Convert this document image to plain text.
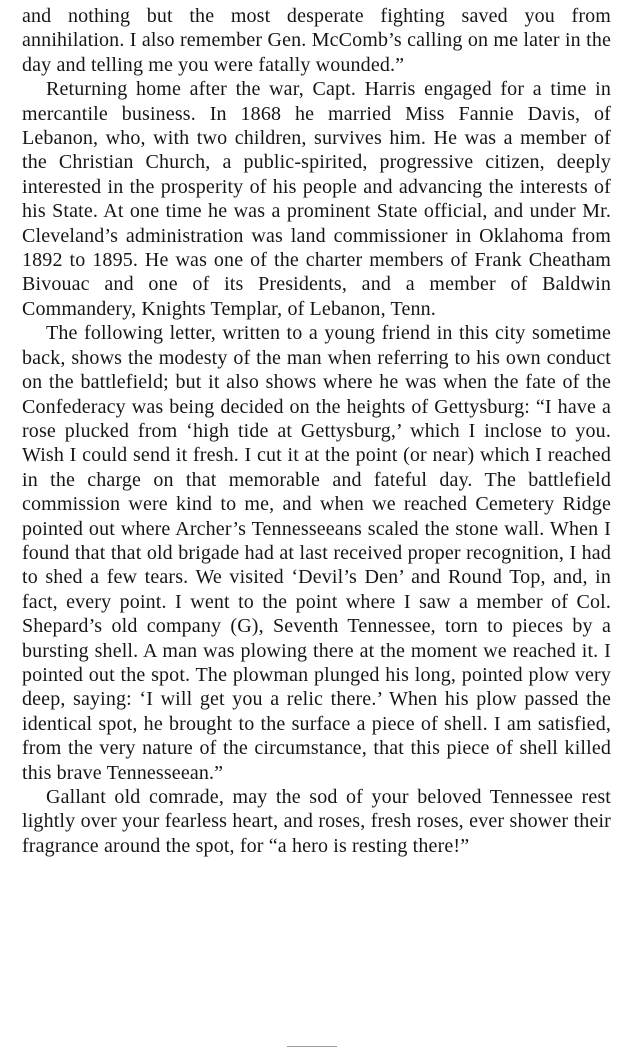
and nothing but the most desperate fighting saved you from annihilation. I also remember Gen. McComb’s calling on me later in the day and telling me you were fatally wounded.”

Returning home after the war, Capt. Harris engaged for a time in mercantile business. In 1868 he married Miss Fannie Davis, of Lebanon, who, with two children, survives him. He was a member of the Christian Church, a public-spirited, progressive citizen, deeply interested in the prosperity of his people and advancing the interests of his State. At one time he was a prominent State official, and under Mr. Cleveland’s administration was land commissioner in Oklahoma from 1892 to 1895. He was one of the charter members of Frank Cheatham Bivouac and one of its Presidents, and a member of Baldwin Commandery, Knights Templar, of Lebanon, Tenn.

The following letter, written to a young friend in this city sometime back, shows the modesty of the man when referring to his own conduct on the battlefield; but it also shows where he was when the fate of the Confederacy was being decided on the heights of Gettysburg: “I have a rose plucked from ‘high tide at Gettysburg,’ which I inclose to you. Wish I could send it fresh. I cut it at the point (or near) which I reached in the charge on that memorable and fateful day. The battlefield commission were kind to me, and when we reached Cemetery Ridge pointed out where Archer’s Tennesseeans scaled the stone wall. When I found that that old brigade had at last received proper recognition, I had to shed a few tears. We visited ‘Devil’s Den’ and Round Top, and, in fact, every point. I went to the point where I saw a member of Col. Shepard’s old company (G), Seventh Tennessee, torn to pieces by a bursting shell. A man was plowing there at the moment we reached it. I pointed out the spot. The plowman plunged his long, pointed plow very deep, saying: ‘I will get you a relic there.’ When his plow passed the identical spot, he brought to the surface a piece of shell. I am satisfied, from the very nature of the circumstance, that this piece of shell killed this brave Tennesseean.”

Gallant old comrade, may the sod of your beloved Tennessee rest lightly over your fearless heart, and roses, fresh roses, ever shower their fragrance around the spot, for “a hero is resting there!”
